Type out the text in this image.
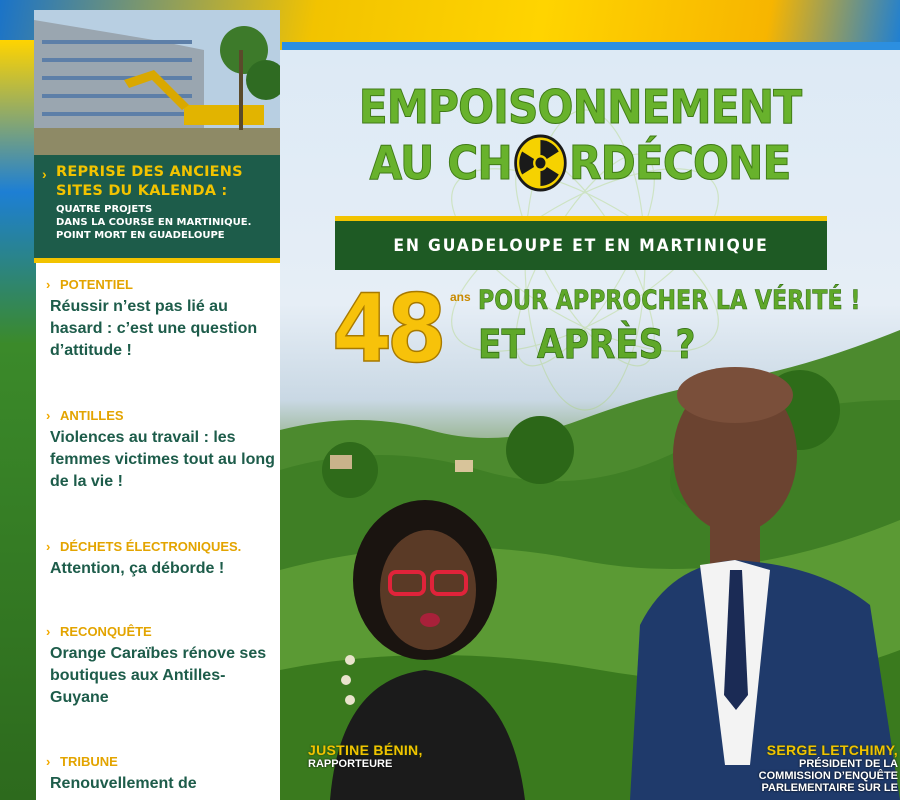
› REPRISE DES ANCIENS SITES DU KALENDA :
QUATRE PROJETS
DANS LA COURSE EN MARTINIQUE.
POINT MORT EN GUADELOUPE
› POTENTIEL
Réussir n’est pas lié au hasard : c’est une question d’attitude !
› ANTILLES
Violences au travail : les femmes victimes tout au long de la vie !
› DÉCHETS ÉLECTRONIQUES.
Attention, ça déborde !
› RECONQUÊTE
Orange Caraïbes rénove ses boutiques aux Antilles-Guyane
› TRIBUNE
Renouvellement de
EMPOISONNEMENT
AU CH RDÉCONE
EN GUADELOUPE ET EN MARTINIQUE
48 ans POUR APPROCHER LA VÉRITÉ !
ET APRÈS ?
JUSTINE BÉNIN,
RAPPORTEURE
SERGE LETCHIMY,
PRÉSIDENT DE LA
COMMISSION D’ENQUÊTE
PARLEMENTAIRE SUR LE
